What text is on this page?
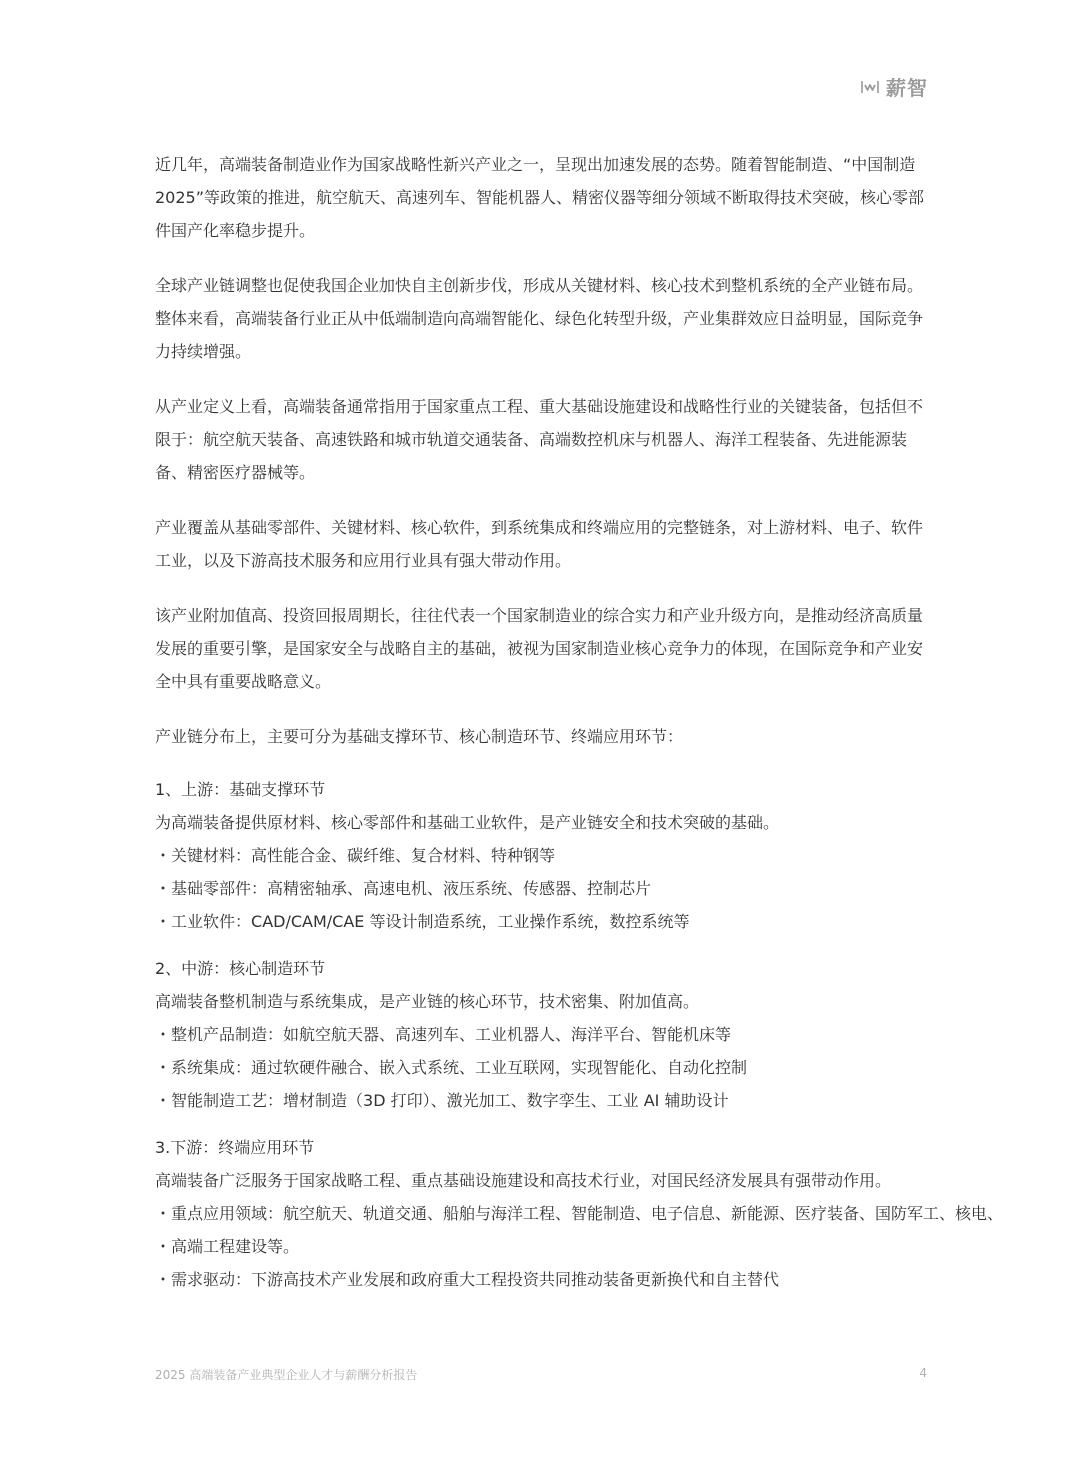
薪智

近几年，高端装备制造业作为国家战略性新兴产业之一，呈现出加速发展的态势。随着智能制造、“中国制造2025”等政策的推进，航空航天、高速列车、智能机器人、精密仪器等细分领域不断取得技术突破，核心零部件国产化率稳步提升。

全球产业链调整也促使我国企业加快自主创新步伐，形成从关键材料、核心技术到整机系统的全产业链布局。整体来看，高端装备行业正从中低端制造向高端智能化、绿色化转型升级，产业集群效应日益明显，国际竞争力持续增强。

从产业定义上看，高端装备通常指用于国家重点工程、重大基础设施建设和战略性行业的关键装备，包括但不限于：航空航天装备、高速铁路和城市轨道交通装备、高端数控机床与机器人、海洋工程装备、先进能源装备、精密医疗器械等。

产业覆盖从基础零部件、关键材料、核心软件，到系统集成和终端应用的完整链条，对上游材料、电子、软件工业，以及下游高技术服务和应用行业具有强大带动作用。

该产业附加值高、投资回报周期长，往往代表一个国家制造业的综合实力和产业升级方向，是推动经济高质量发展的重要引擎，是国家安全与战略自主的基础，被视为国家制造业核心竞争力的体现，在国际竞争和产业安全中具有重要战略意义。

产业链分布上，主要可分为基础支撑环节、核心制造环节、终端应用环节：

1、上游：基础支撑环节

为高端装备提供原材料、核心零部件和基础工业软件，是产业链安全和技术突破的基础。

・ 关键材料：高性能合金、碳纤维、复合材料、特种钢等

・ 基础零部件：高精密轴承、高速电机、液压系统、传感器、控制芯片

・ 工业软件：CAD/CAM/CAE 等设计制造系统，工业操作系统，数控系统等

2、中游：核心制造环节

高端装备整机制造与系统集成，是产业链的核心环节，技术密集、附加值高。

・ 整机产品制造：如航空航天器、高速列车、工业机器人、海洋平台、智能机床等

・ 系统集成：通过软硬件融合、嵌入式系统、工业互联网，实现智能化、自动化控制

・ 智能制造工艺：增材制造（3D 打印）、激光加工、数字孪生、工业 AI 辅助设计

3.下游：终端应用环节

高端装备广泛服务于国家战略工程、重点基础设施建设和高技术行业，对国民经济发展具有强带动作用。

・ 重点应用领域：航空航天、轨道交通、船舶与海洋工程、智能制造、电子信息、新能源、医疗装备、国防军工、核电、

・ 高端工程建设等。

・ 需求驱动：下游高技术产业发展和政府重大工程投资共同推动装备更新换代和自主替代

2025 高端装备产业典型企业人才与薪酬分析报告	4
